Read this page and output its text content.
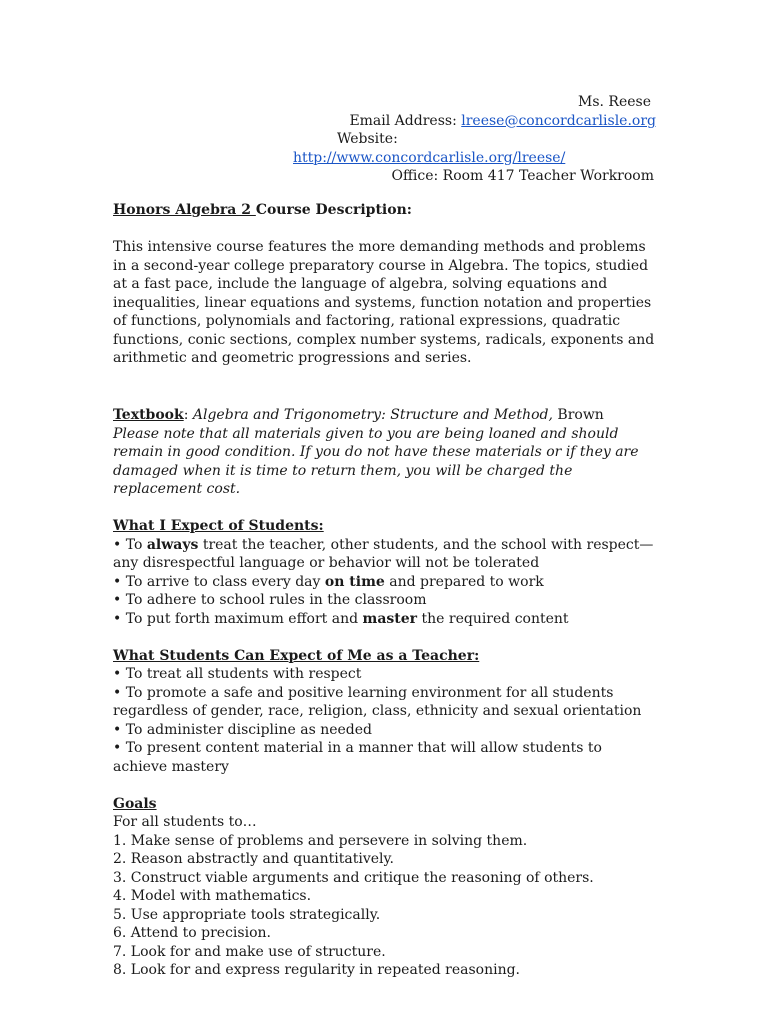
Ms. Reese
Email Address: lreese@concordcarlisle.org
Website:
http://www.concordcarlisle.org/lreese/
Office: Room 417 Teacher Workroom

Honors Algebra 2 Course Description:

This intensive course features the more demanding methods and problems in a second-year college preparatory course in Algebra. The topics, studied at a fast pace, include the language of algebra, solving equations and inequalities, linear equations and systems, function notation and properties of functions, polynomials and factoring, rational expressions, quadratic functions, conic sections, complex number systems, radicals, exponents and arithmetic and geometric progressions and series.

Textbook: Algebra and Trigonometry: Structure and Method, Brown

Please note that all materials given to you are being loaned and should remain in good condition. If you do not have these materials or if they are damaged when it is time to return them, you will be charged the replacement cost.

What I Expect of Students:

• To always treat the teacher, other students, and the school with respect—any disrespectful language or behavior will not be tolerated
• To arrive to class every day on time and prepared to work
• To adhere to school rules in the classroom
• To put forth maximum effort and master the required content

What Students Can Expect of Me as a Teacher:

• To treat all students with respect
• To promote a safe and positive learning environment for all students regardless of gender, race, religion, class, ethnicity and sexual orientation
• To administer discipline as needed
• To present content material in a manner that will allow students to achieve mastery

Goals

For all students to…

1. Make sense of problems and persevere in solving them.
2. Reason abstractly and quantitatively.
3. Construct viable arguments and critique the reasoning of others.
4. Model with mathematics.
5. Use appropriate tools strategically.
6. Attend to precision.
7. Look for and make use of structure.
8. Look for and express regularity in repeated reasoning.
